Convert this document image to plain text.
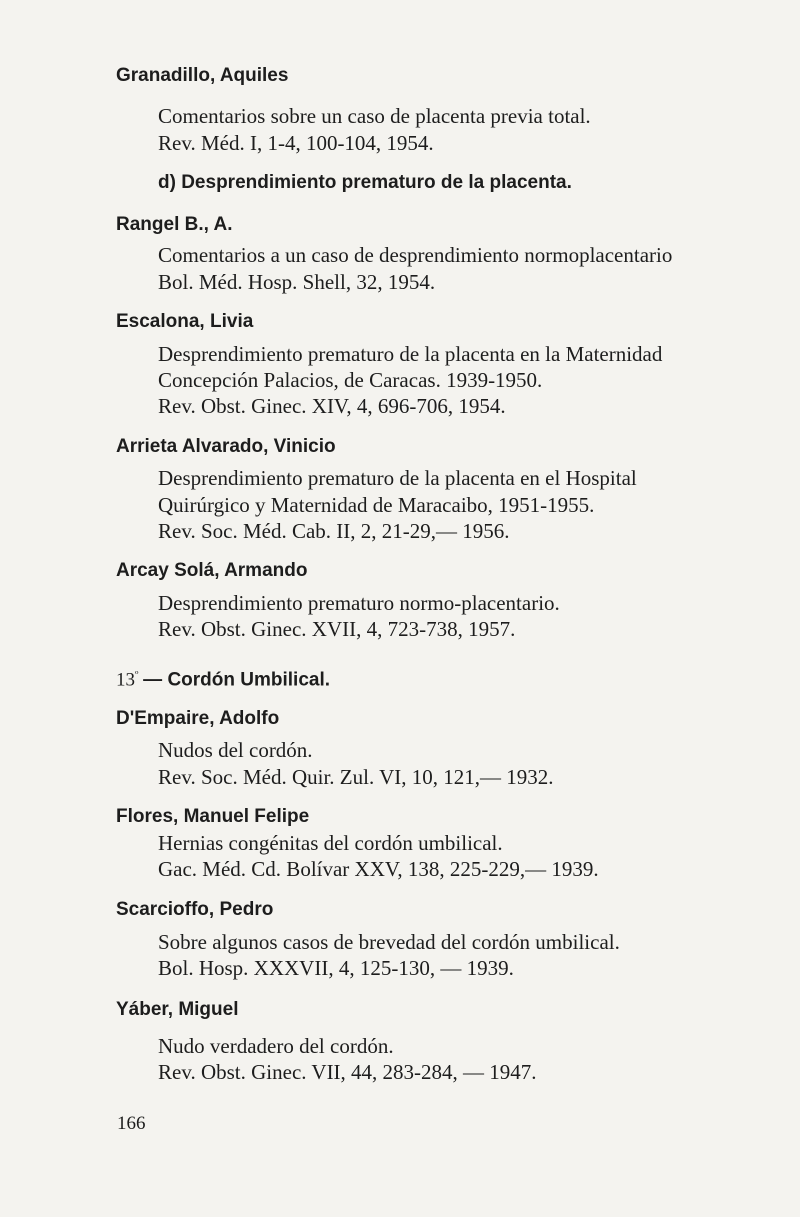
Granadillo, Aquiles
Comentarios sobre un caso de placenta previa total.
Rev. Méd. I, 1-4, 100-104, 1954.
d) Desprendimiento prematuro de la placenta.
Rangel B., A.
Comentarios a un caso de desprendimiento normoplacentario
Bol. Méd. Hosp. Shell, 32, 1954.
Escalona, Livia
Desprendimiento prematuro de la placenta en la Maternidad
Concepción Palacios, de Caracas. 1939-1950.
Rev. Obst. Ginec. XIV, 4, 696-706, 1954.
Arrieta Alvarado, Vinicio
Desprendimiento prematuro de la placenta en el Hospital
Quirúrgico y Maternidad de Maracaibo, 1951-1955.
Rev. Soc. Méd. Cab. II, 2, 21-29,— 1956.
Arcay Solá, Armando
Desprendimiento prematuro normo-placentario.
Rev. Obst. Ginec. XVII, 4, 723-738, 1957.
$13^º$ — Cordón Umbilical.
D'Empaire, Adolfo
Nudos del cordón.
Rev. Soc. Méd. Quir. Zul. VI, 10, 121,— 1932.
Flores, Manuel Felipe
Hernias congénitas del cordón umbilical.
Gac. Méd. Cd. Bolívar XXV, 138, 225-229,— 1939.
Scarcioffo, Pedro
Sobre algunos casos de brevedad del cordón umbilical.
Bol. Hosp. XXXVII, 4, 125-130, — 1939.
Yáber, Miguel
Nudo verdadero del cordón.
Rev. Obst. Ginec. VII, 44, 283-284, — 1947.
166
